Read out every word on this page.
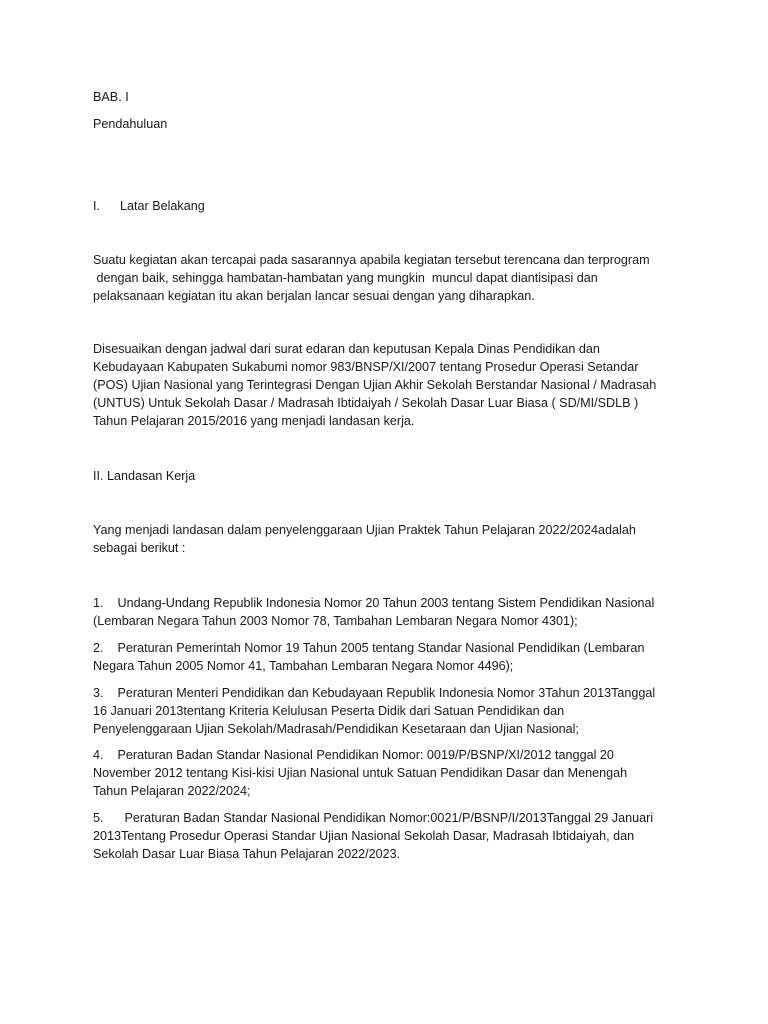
BAB. I

Pendahuluan

I. Latar Belakang

Suatu kegiatan akan tercapai pada sasarannya apabila kegiatan tersebut terencana dan terprogram
dengan baik, sehingga hambatan-hambatan yang mungkin  muncul dapat diantisipasi dan
pelaksanaan kegiatan itu akan berjalan lancar sesuai dengan yang diharapkan.
Disesuaikan dengan jadwal dari surat edaran dan keputusan Kepala Dinas Pendidikan dan
Kebudayaan Kabupaten Sukabumi nomor 983/BNSP/XI/2007 tentang Prosedur Operasi Setandar
(POS) Ujian Nasional yang Terintegrasi Dengan Ujian Akhir Sekolah Berstandar Nasional / Madrasah
(UNTUS) Untuk Sekolah Dasar / Madrasah Ibtidaiyah / Sekolah Dasar Luar Biasa ( SD/MI/SDLB )
Tahun Pelajaran 2015/2016 yang menjadi landasan kerja.

II. Landasan Kerja

Yang menjadi landasan dalam penyelenggaraan Ujian Praktek Tahun Pelajaran 2022/2024adalah
sebagai berikut :
1.    Undang-Undang Republik Indonesia Nomor 20 Tahun 2003 tentang Sistem Pendidikan Nasional
(Lembaran Negara Tahun 2003 Nomor 78, Tambahan Lembaran Negara Nomor 4301);
2.    Peraturan Pemerintah Nomor 19 Tahun 2005 tentang Standar Nasional Pendidikan (Lembaran
Negara Tahun 2005 Nomor 41, Tambahan Lembaran Negara Nomor 4496);
3.    Peraturan Menteri Pendidikan dan Kebudayaan Republik Indonesia Nomor 3Tahun 2013Tanggal
16 Januari 2013tentang Kriteria Kelulusan Peserta Didik dari Satuan Pendidikan dan
Penyelenggaraan Ujian Sekolah/Madrasah/Pendidikan Kesetaraan dan Ujian Nasional;
4.    Peraturan Badan Standar Nasional Pendidikan Nomor: 0019/P/BSNP/XI/2012 tanggal 20
November 2012 tentang Kisi-kisi Ujian Nasional untuk Satuan Pendidikan Dasar dan Menengah
Tahun Pelajaran 2022/2024;
5.      Peraturan Badan Standar Nasional Pendidikan Nomor:0021/P/BSNP/I/2013Tanggal 29 Januari
2013Tentang Prosedur Operasi Standar Ujian Nasional Sekolah Dasar, Madrasah Ibtidaiyah, dan
Sekolah Dasar Luar Biasa Tahun Pelajaran 2022/2023.
